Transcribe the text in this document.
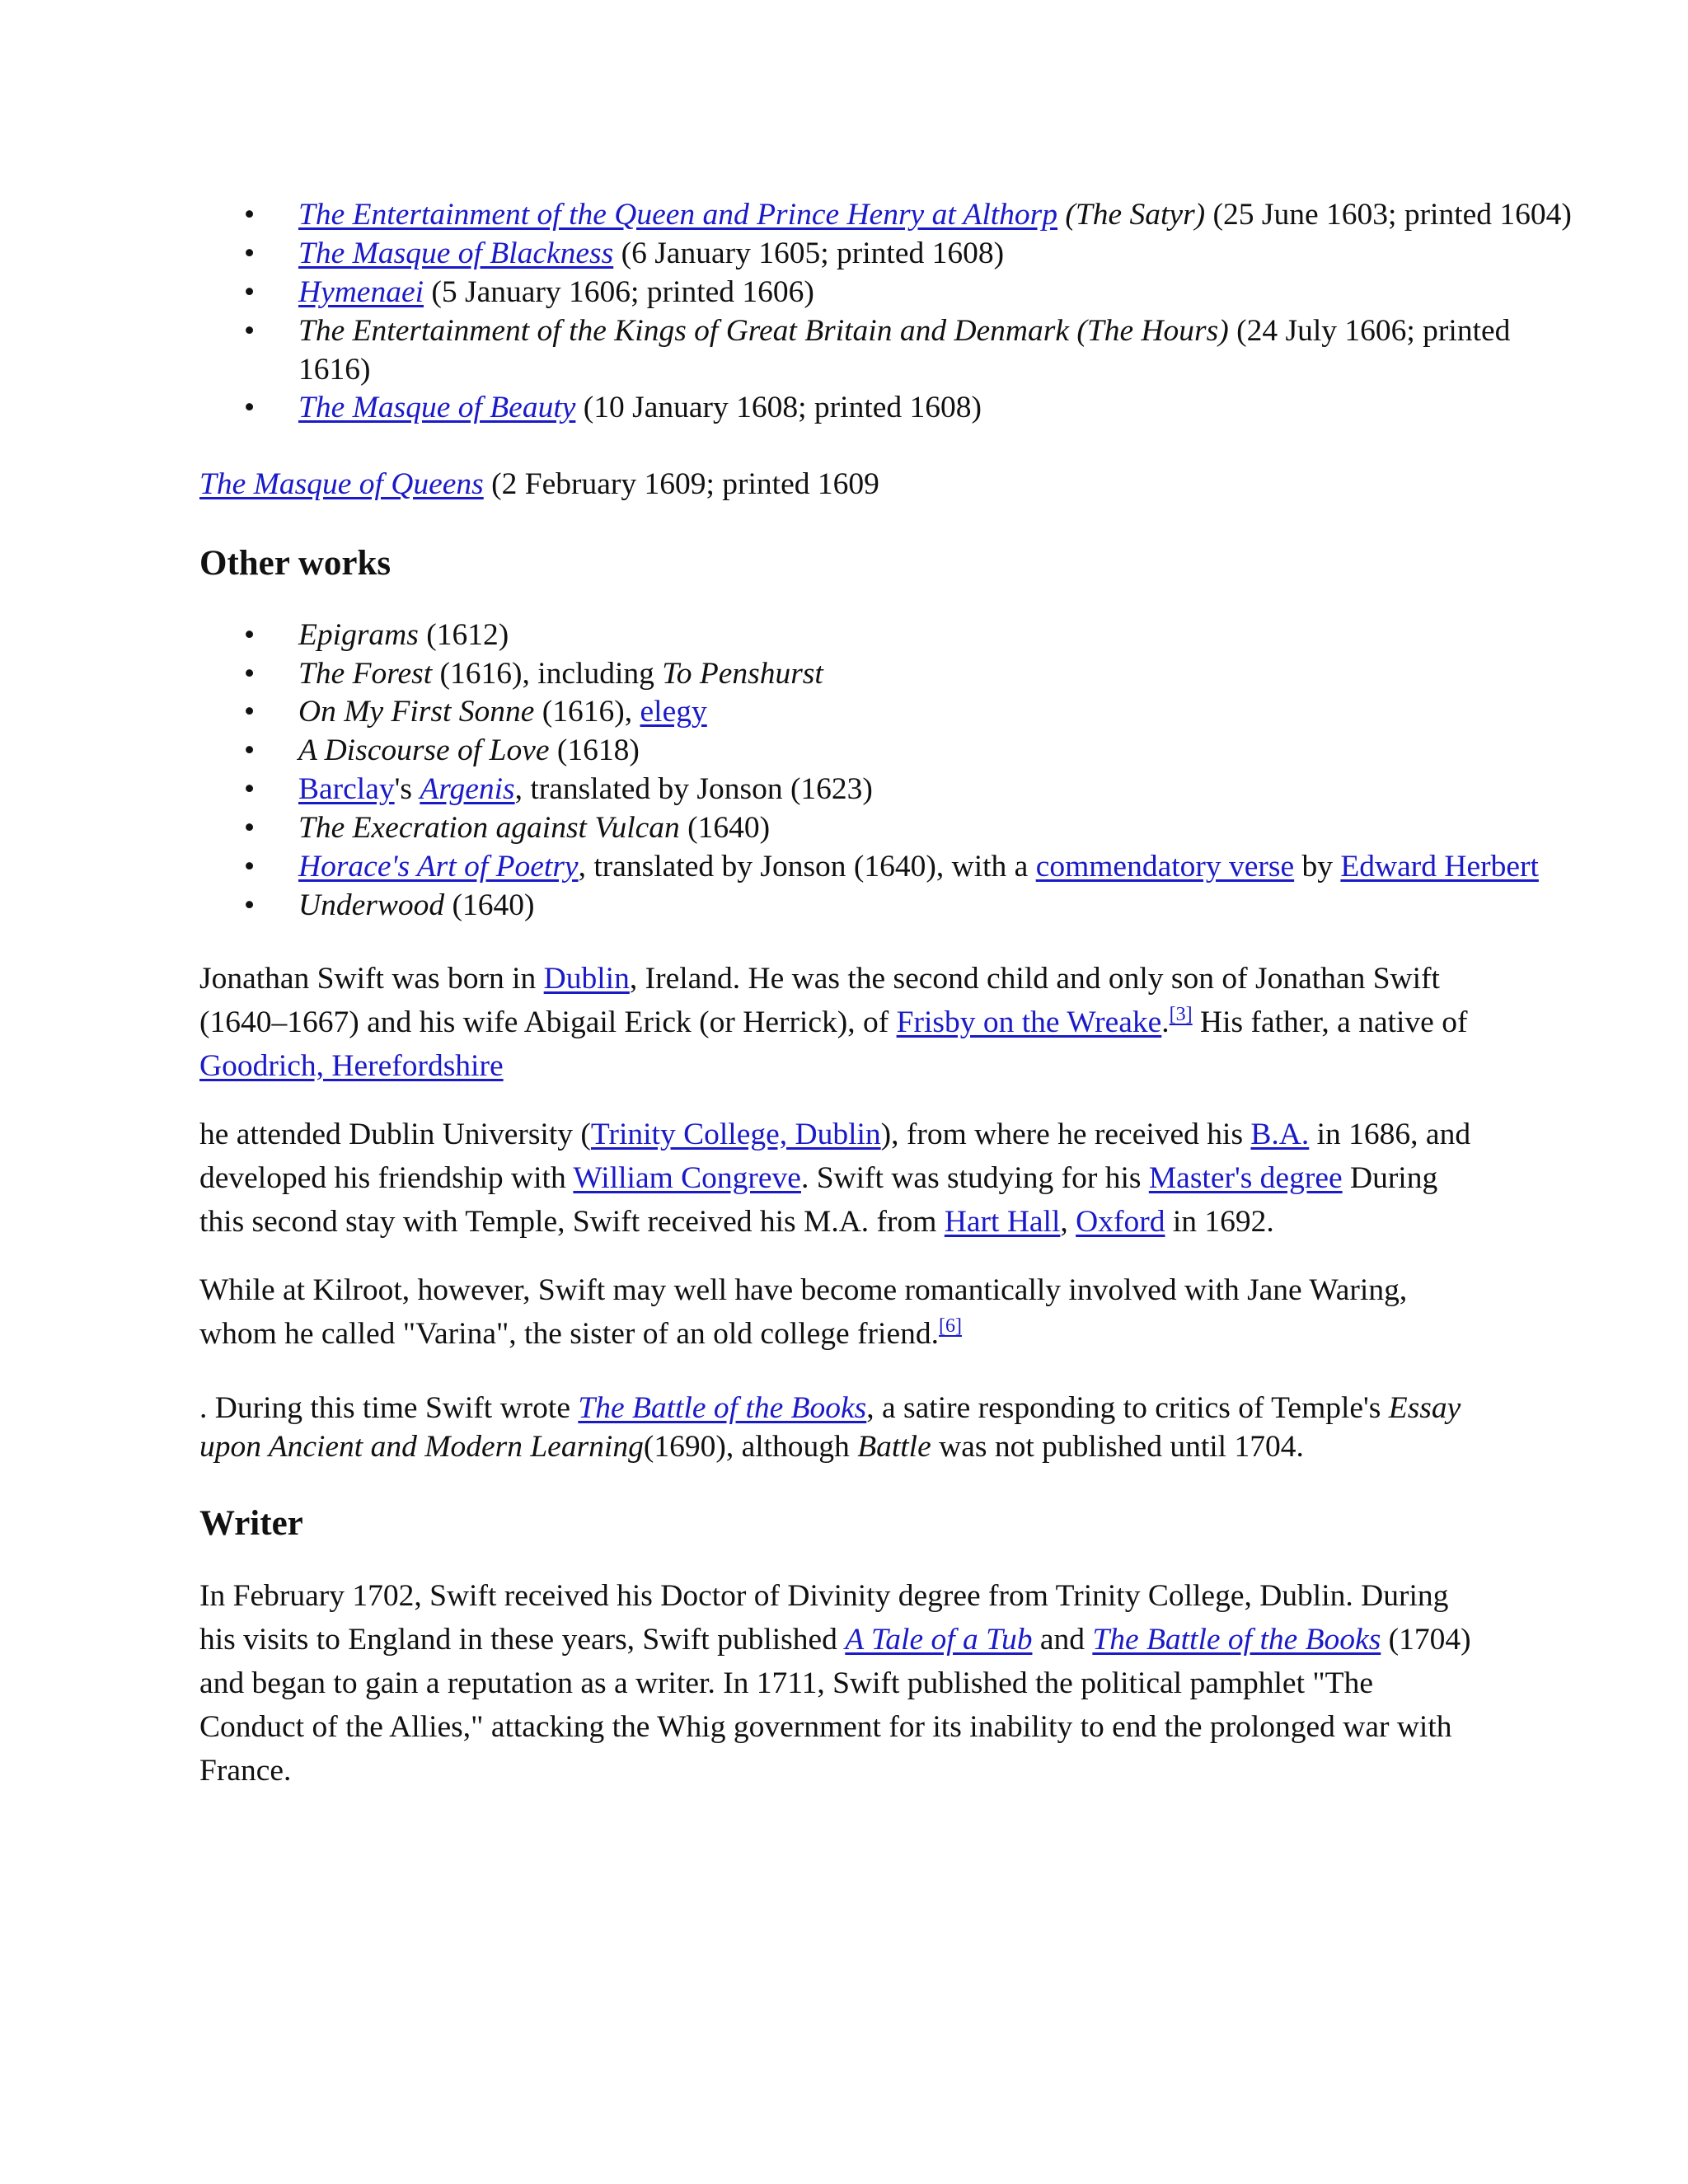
• The Entertainment of the Queen and Prince Henry at Althorp (The Satyr) (25 June 1603; printed 1604)
• The Masque of Blackness (6 January 1605; printed 1608)
• Hymenaei (5 January 1606; printed 1606)
• The Entertainment of the Kings of Great Britain and Denmark (The Hours) (24 July 1606; printed 1616)
• The Masque of Beauty (10 January 1608; printed 1608)

The Masque of Queens (2 February 1609; printed 1609

Other works
• Epigrams (1612)
• The Forest (1616), including To Penshurst
• On My First Sonne (1616), elegy
• A Discourse of Love (1618)
• Barclay's Argenis, translated by Jonson (1623)
• The Execration against Vulcan (1640)
• Horace's Art of Poetry, translated by Jonson (1640), with a commendatory verse by Edward Herbert
• Underwood (1640)

Jonathan Swift was born in Dublin, Ireland. He was the second child and only son of Jonathan Swift (1640–1667) and his wife Abigail Erick (or Herrick), of Frisby on the Wreake.[3] His father, a native of Goodrich, Herefordshire

he attended Dublin University (Trinity College, Dublin), from where he received his B.A. in 1686, and developed his friendship with William Congreve. Swift was studying for his Master's degree During this second stay with Temple, Swift received his M.A. from Hart Hall, Oxford in 1692.

While at Kilroot, however, Swift may well have become romantically involved with Jane Waring, whom he called "Varina", the sister of an old college friend.[6]

. During this time Swift wrote The Battle of the Books, a satire responding to critics of Temple's Essay upon Ancient and Modern Learning(1690), although Battle was not published until 1704.

Writer

In February 1702, Swift received his Doctor of Divinity degree from Trinity College, Dublin. During his visits to England in these years, Swift published A Tale of a Tub and The Battle of the Books (1704) and began to gain a reputation as a writer. In 1711, Swift published the political pamphlet "The Conduct of the Allies," attacking the Whig government for its inability to end the prolonged war with France.
